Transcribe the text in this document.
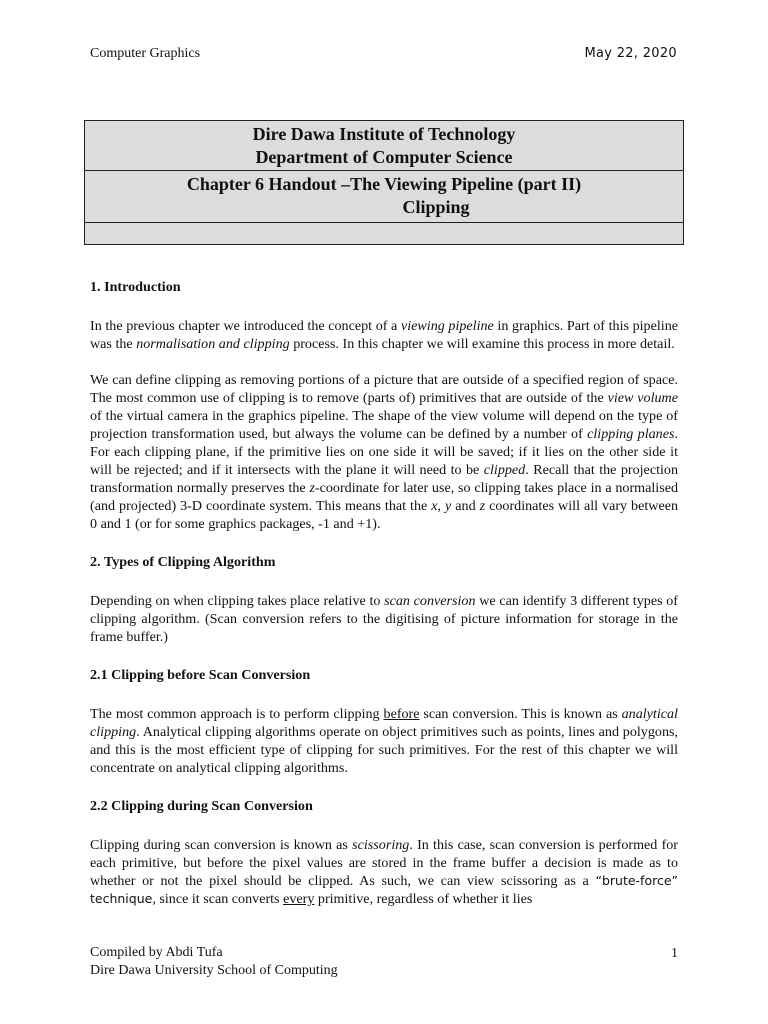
Computer Graphics	May 22, 2020
Dire Dawa Institute of Technology
Department of Computer Science
Chapter 6 Handout –The Viewing Pipeline (part II)
Clipping

1. Introduction

In the previous chapter we introduced the concept of a viewing pipeline in graphics. Part of this pipeline was the normalisation and clipping process. In this chapter we will examine this process in more detail.

We can define clipping as removing portions of a picture that are outside of a specified region of space. The most common use of clipping is to remove (parts of) primitives that are outside of the view volume of the virtual camera in the graphics pipeline. The shape of the view volume will depend on the type of projection transformation used, but always the volume can be defined by a number of clipping planes. For each clipping plane, if the primitive lies on one side it will be saved; if it lies on the other side it will be rejected; and if it intersects with the plane it will need to be clipped. Recall that the projection transformation normally preserves the z-coordinate for later use, so clipping takes place in a normalised (and projected) 3-D coordinate system. This means that the x, y and z coordinates will all vary between 0 and 1 (or for some graphics packages, -1 and +1).

2. Types of Clipping Algorithm

Depending on when clipping takes place relative to scan conversion we can identify 3 different types of clipping algorithm. (Scan conversion refers to the digitising of picture information for storage in the frame buffer.)

2.1 Clipping before Scan Conversion

The most common approach is to perform clipping before scan conversion. This is known as analytical clipping. Analytical clipping algorithms operate on object primitives such as points, lines and polygons, and this is the most efficient type of clipping for such primitives. For the rest of this chapter we will concentrate on analytical clipping algorithms.

2.2 Clipping during Scan Conversion

Clipping during scan conversion is known as scissoring. In this case, scan conversion is performed for each primitive, but before the pixel values are stored in the frame buffer a decision is made as to whether or not the pixel should be clipped. As such, we can view scissoring as a “brute-force” technique, since it scan converts every primitive, regardless of whether it lies

Compiled by Abdi Tufa
Dire Dawa University School of Computing
1
